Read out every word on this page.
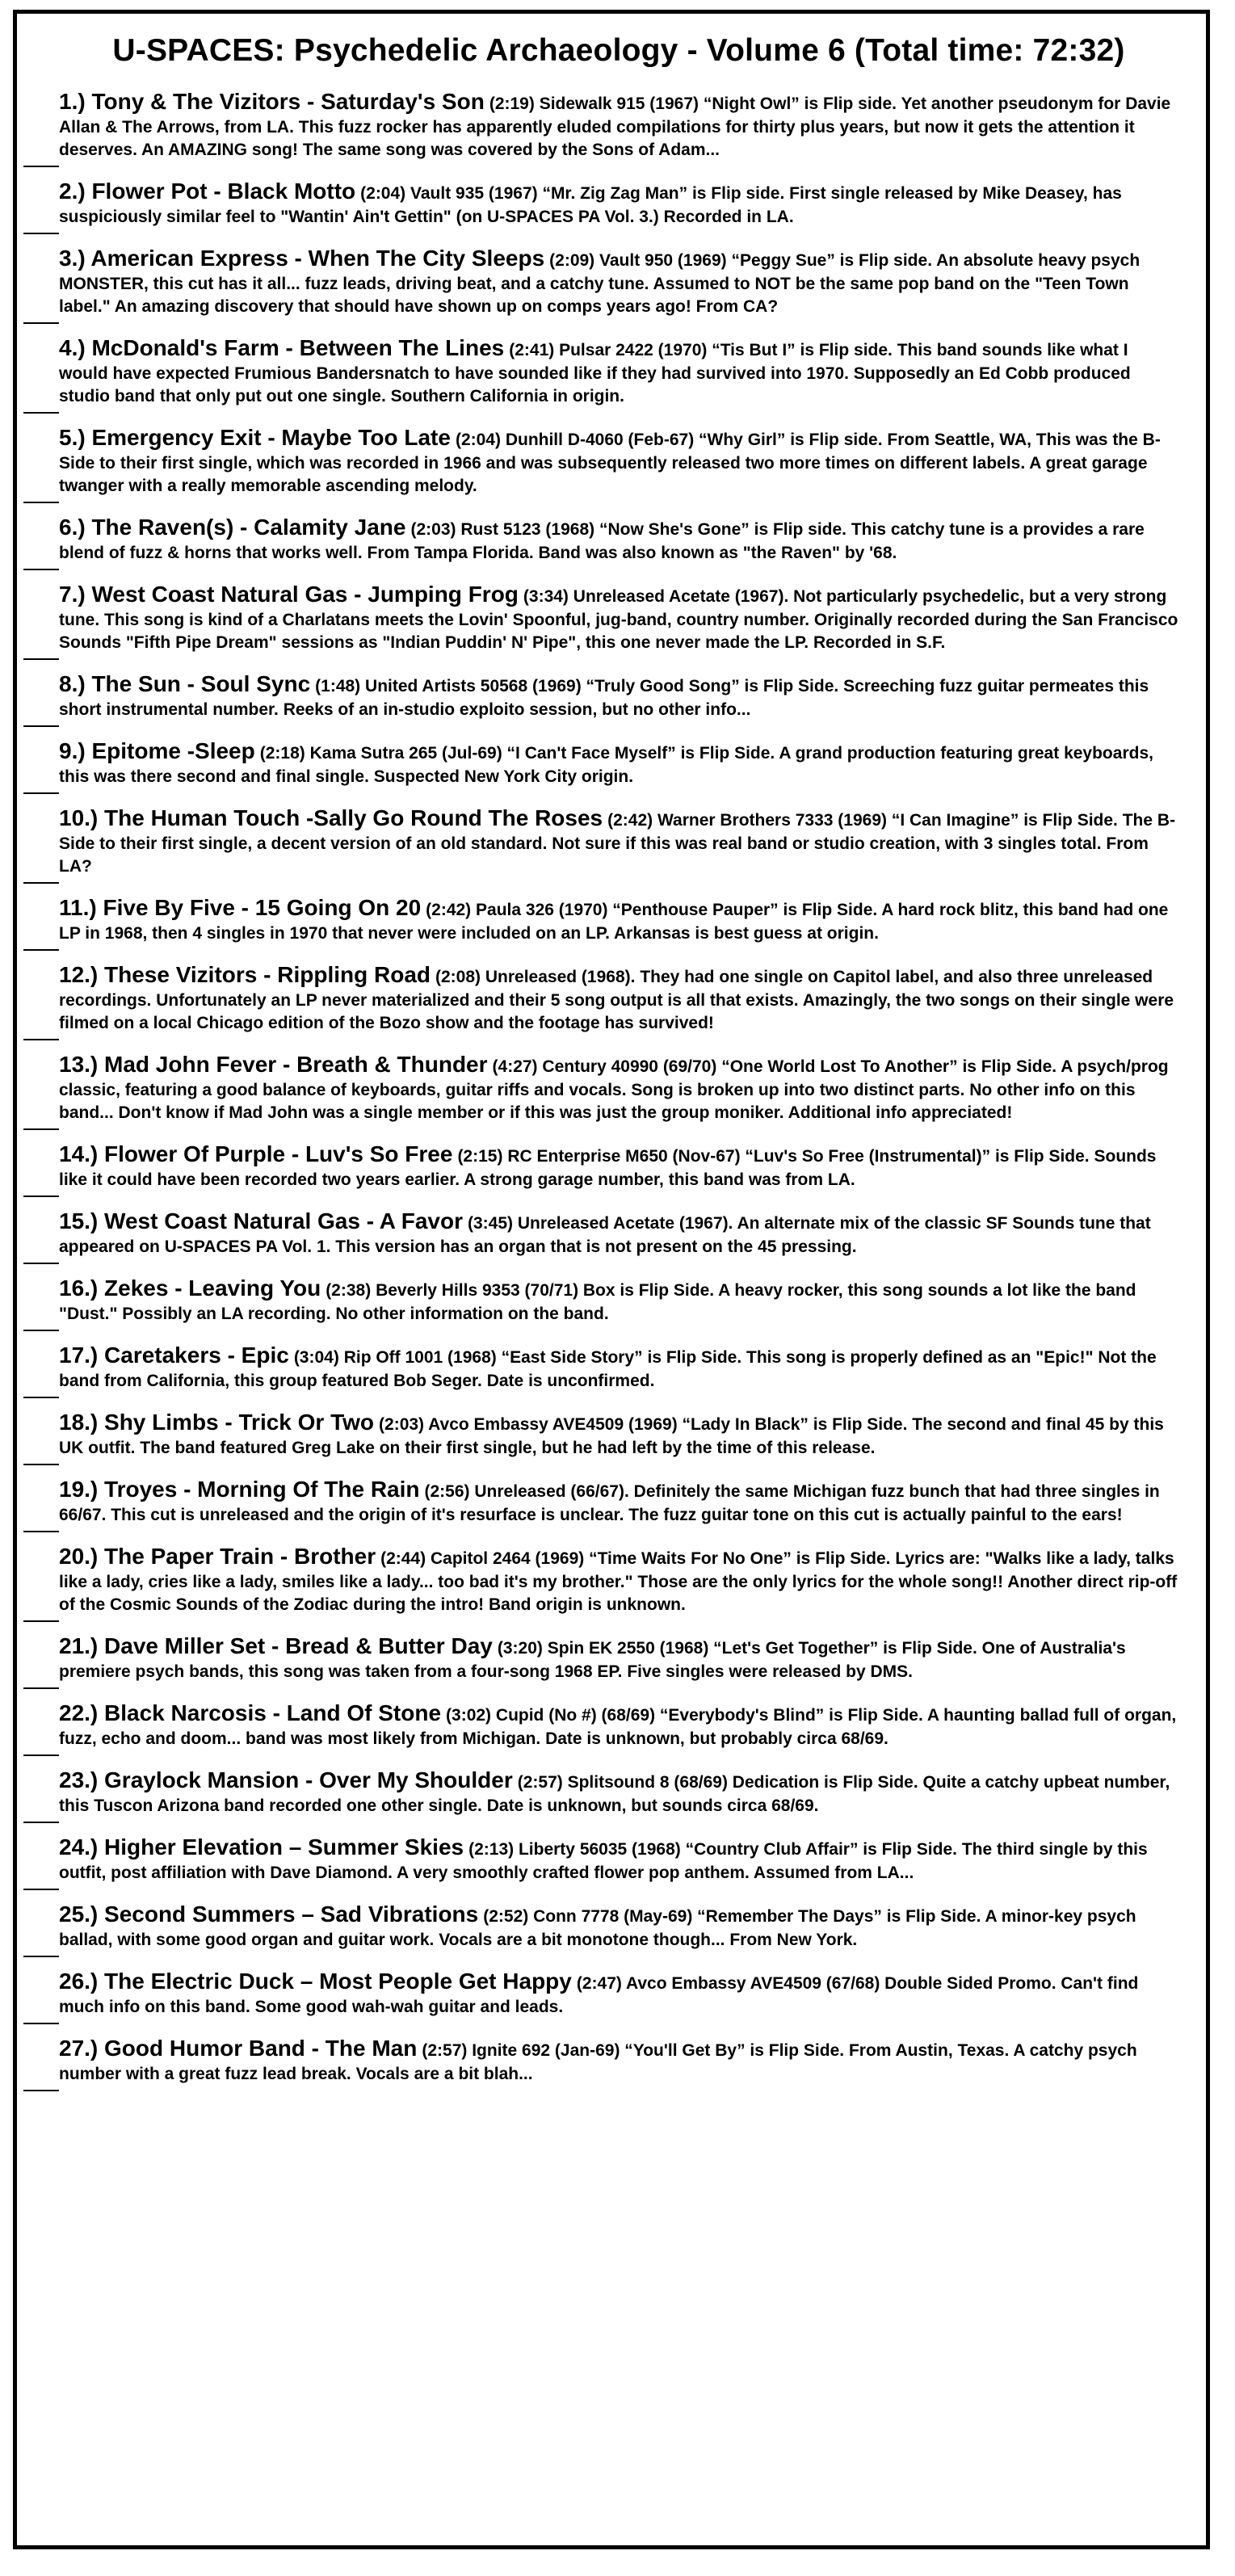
U-SPACES: Psychedelic Archaeology - Volume 6 (Total time: 72:32)
1.) Tony & The Vizitors - Saturday's Son (2:19) Sidewalk 915 (1967) “Night Owl” is Flip side. Yet another pseudonym for Davie Allan & The Arrows, from LA. This fuzz rocker has apparently eluded compilations for thirty plus years, but now it gets the attention it deserves. An AMAZING song! The same song was covered by the Sons of Adam...
2.) Flower Pot - Black Motto (2:04) Vault 935 (1967) “Mr. Zig Zag Man” is Flip side. First single released by Mike Deasey, has suspiciously similar feel to "Wantin' Ain't Gettin" (on U-SPACES PA Vol. 3.) Recorded in LA.
3.) American Express - When The City Sleeps (2:09) Vault 950 (1969) “Peggy Sue” is Flip side. An absolute heavy psych MONSTER, this cut has it all... fuzz leads, driving beat, and a catchy tune. Assumed to NOT be the same pop band on the "Teen Town label." An amazing discovery that should have shown up on comps years ago! From CA?
4.) McDonald's Farm - Between The Lines (2:41) Pulsar 2422 (1970) “Tis But I” is Flip side. This band sounds like what I would have expected Frumious Bandersnatch to have sounded like if they had survived into 1970. Supposedly an Ed Cobb produced studio band that only put out one single. Southern California in origin.
5.) Emergency Exit - Maybe Too Late (2:04) Dunhill D-4060 (Feb-67) “Why Girl” is Flip side. From Seattle, WA, This was the B-Side to their first single, which was recorded in 1966 and was subsequently released two more times on different labels. A great garage twanger with a really memorable ascending melody.
6.) The Raven(s) - Calamity Jane (2:03) Rust 5123 (1968) “Now She's Gone” is Flip side. This catchy tune is a provides a rare blend of fuzz & horns that works well. From Tampa Florida. Band was also known as "the Raven" by '68.
7.) West Coast Natural Gas - Jumping Frog (3:34) Unreleased Acetate (1967). Not particularly psychedelic, but a very strong tune. This song is kind of a Charlatans meets the Lovin' Spoonful, jug-band, country number. Originally recorded during the San Francisco Sounds "Fifth Pipe Dream" sessions as "Indian Puddin' N' Pipe", this one never made the LP. Recorded in S.F.
8.) The Sun - Soul Sync (1:48) United Artists 50568 (1969) “Truly Good Song” is Flip Side. Screeching fuzz guitar permeates this short instrumental number. Reeks of an in-studio exploito session, but no other info...
9.) Epitome -Sleep (2:18) Kama Sutra 265 (Jul-69) “I Can't Face Myself” is Flip Side. A grand production featuring great keyboards, this was there second and final single. Suspected New York City origin.
10.) The Human Touch -Sally Go Round The Roses (2:42) Warner Brothers 7333 (1969) “I Can Imagine” is Flip Side. The B-Side to their first single, a decent version of an old standard. Not sure if this was real band or studio creation, with 3 singles total. From LA?
11.) Five By Five - 15 Going On 20 (2:42) Paula 326 (1970) “Penthouse Pauper” is Flip Side. A hard rock blitz, this band had one LP in 1968, then 4 singles in 1970 that never were included on an LP. Arkansas is best guess at origin.
12.) These Vizitors - Rippling Road (2:08) Unreleased (1968). They had one single on Capitol label, and also three unreleased recordings. Unfortunately an LP never materialized and their 5 song output is all that exists. Amazingly, the two songs on their single were filmed on a local Chicago edition of the Bozo show and the footage has survived!
13.) Mad John Fever - Breath & Thunder (4:27) Century 40990 (69/70) “One World Lost To Another” is Flip Side. A psych/prog classic, featuring a good balance of keyboards, guitar riffs and vocals. Song is broken up into two distinct parts. No other info on this band... Don't know if Mad John was a single member or if this was just the group moniker. Additional info appreciated!
14.) Flower Of Purple - Luv's So Free (2:15) RC Enterprise M650 (Nov-67) “Luv's So Free (Instrumental)” is Flip Side. Sounds like it could have been recorded two years earlier. A strong garage number, this band was from LA.
15.) West Coast Natural Gas - A Favor (3:45) Unreleased Acetate (1967). An alternate mix of the classic SF Sounds tune that appeared on U-SPACES PA Vol. 1. This version has an organ that is not present on the 45 pressing.
16.) Zekes - Leaving You (2:38) Beverly Hills 9353 (70/71) Box is Flip Side. A heavy rocker, this song sounds a lot like the band "Dust." Possibly an LA recording. No other information on the band.
17.) Caretakers - Epic (3:04) Rip Off 1001 (1968) “East Side Story” is Flip Side. This song is properly defined as an "Epic!" Not the band from California, this group featured Bob Seger. Date is unconfirmed.
18.) Shy Limbs - Trick Or Two (2:03) Avco Embassy AVE4509 (1969) “Lady In Black” is Flip Side. The second and final 45 by this UK outfit. The band featured Greg Lake on their first single, but he had left by the time of this release.
19.) Troyes - Morning Of The Rain (2:56) Unreleased (66/67). Definitely the same Michigan fuzz bunch that had three singles in 66/67. This cut is unreleased and the origin of it's resurface is unclear. The fuzz guitar tone on this cut is actually painful to the ears!
20.) The Paper Train - Brother (2:44) Capitol 2464 (1969) “Time Waits For No One” is Flip Side. Lyrics are: "Walks like a lady, talks like a lady, cries like a lady, smiles like a lady... too bad it's my brother." Those are the only lyrics for the whole song!! Another direct rip-off of the Cosmic Sounds of the Zodiac during the intro! Band origin is unknown.
21.) Dave Miller Set - Bread & Butter Day (3:20) Spin EK 2550 (1968) “Let's Get Together” is Flip Side. One of Australia's premiere psych bands, this song was taken from a four-song 1968 EP. Five singles were released by DMS.
22.) Black Narcosis - Land Of Stone (3:02) Cupid (No #) (68/69) “Everybody's Blind” is Flip Side. A haunting ballad full of organ, fuzz, echo and doom... band was most likely from Michigan. Date is unknown, but probably circa 68/69.
23.) Graylock Mansion - Over My Shoulder (2:57) Splitsound 8 (68/69) Dedication is Flip Side. Quite a catchy upbeat number, this Tuscon Arizona band recorded one other single. Date is unknown, but sounds circa 68/69.
24.) Higher Elevation – Summer Skies (2:13) Liberty 56035 (1968) “Country Club Affair” is Flip Side. The third single by this outfit, post affiliation with Dave Diamond. A very smoothly crafted flower pop anthem. Assumed from LA...
25.) Second Summers – Sad Vibrations (2:52) Conn 7778 (May-69) “Remember The Days” is Flip Side. A minor-key psych ballad, with some good organ and guitar work. Vocals are a bit monotone though... From New York.
26.) The Electric Duck – Most People Get Happy (2:47) Avco Embassy AVE4509 (67/68) Double Sided Promo. Can't find much info on this band. Some good wah-wah guitar and leads.
27.) Good Humor Band - The Man (2:57) Ignite 692 (Jan-69) “You'll Get By” is Flip Side. From Austin, Texas. A catchy psych number with a great fuzz lead break. Vocals are a bit blah...
